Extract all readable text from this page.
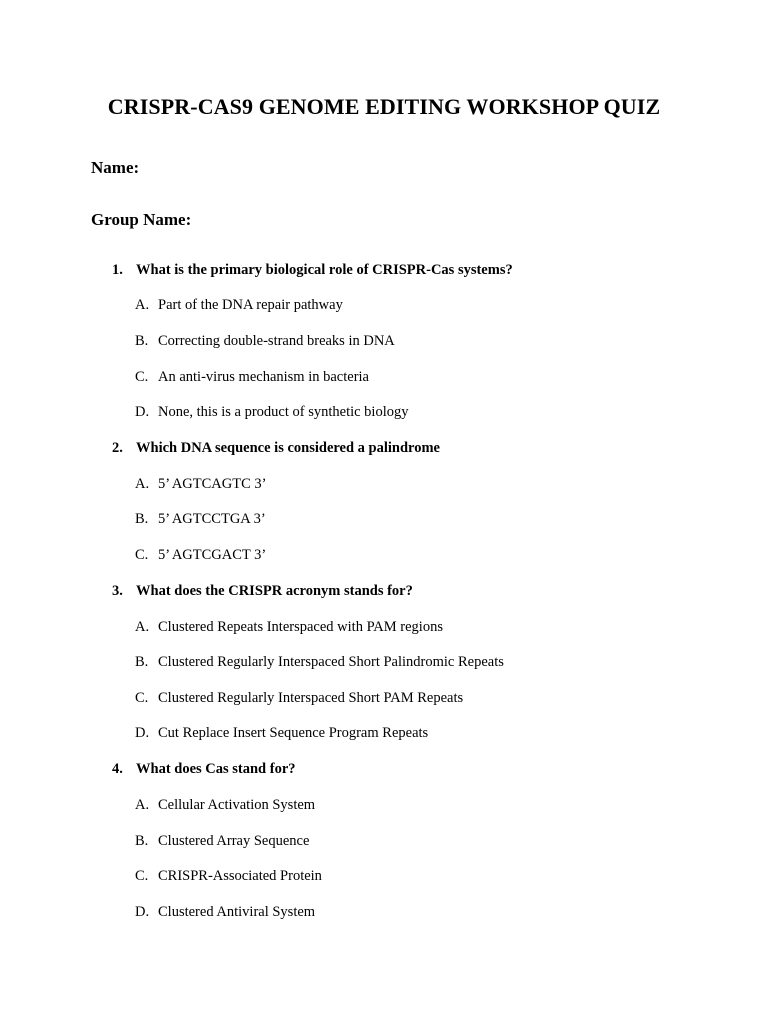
CRISPR-CAS9 GENOME EDITING WORKSHOP QUIZ
Name:
Group Name:
1. What is the primary biological role of CRISPR-Cas systems?
A. Part of the DNA repair pathway
B. Correcting double-strand breaks in DNA
C. An anti-virus mechanism in bacteria
D. None, this is a product of synthetic biology
2. Which DNA sequence is considered a palindrome
A. 5’ AGTCAGTC 3’
B. 5’ AGTCCTGA 3’
C. 5’ AGTCGACT 3’
3. What does the CRISPR acronym stands for?
A. Clustered Repeats Interspaced with PAM regions
B. Clustered Regularly Interspaced Short Palindromic Repeats
C. Clustered Regularly Interspaced Short PAM Repeats
D. Cut Replace Insert Sequence Program Repeats
4. What does Cas stand for?
A. Cellular Activation System
B. Clustered Array Sequence
C. CRISPR-Associated Protein
D. Clustered Antiviral System
